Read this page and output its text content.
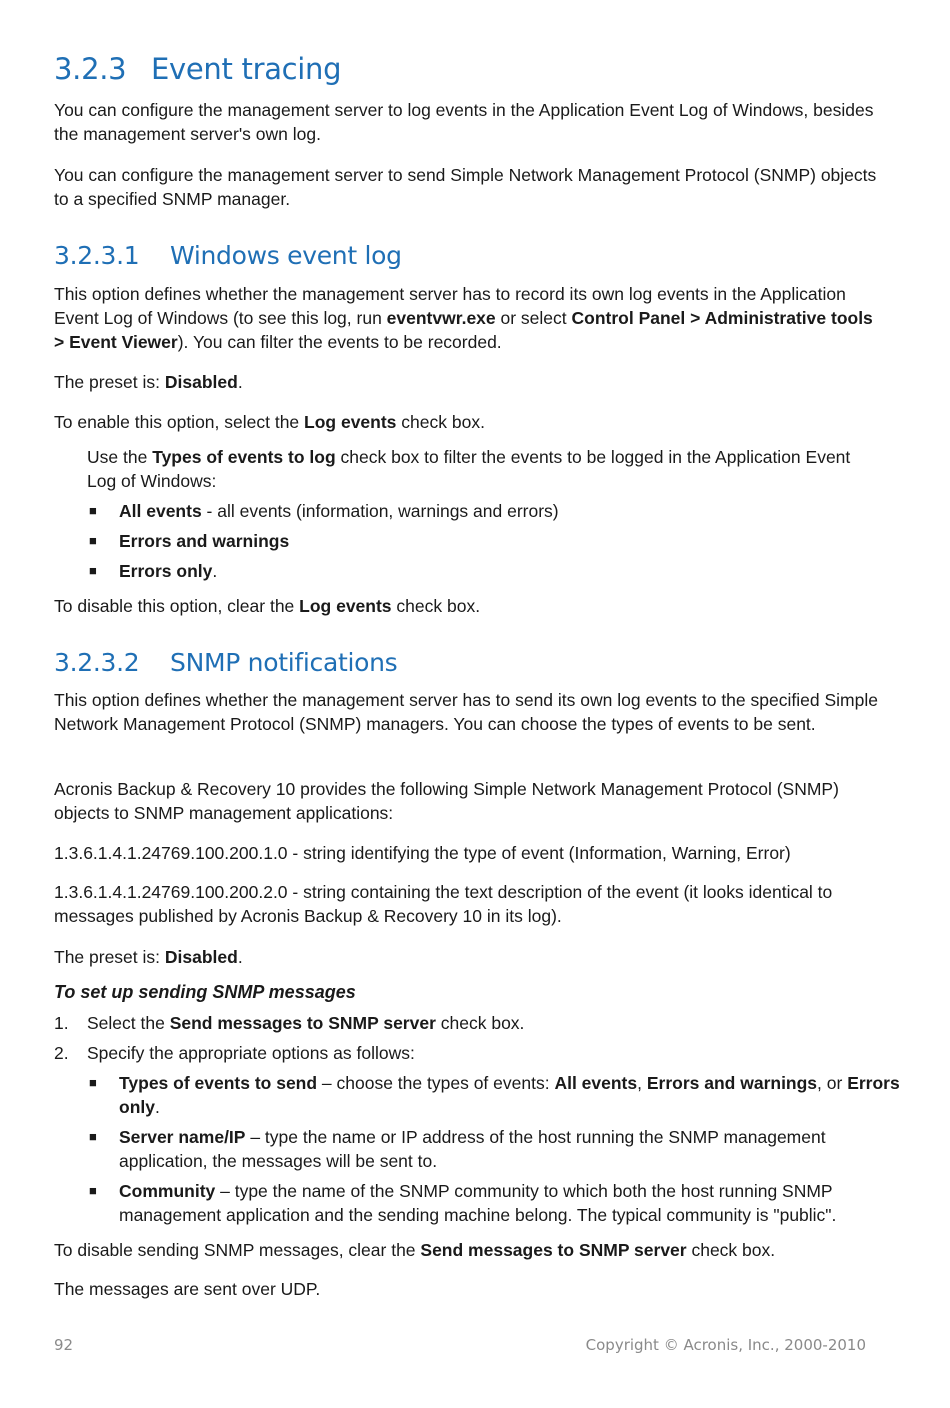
3.2.3 Event tracing

You can configure the management server to log events in the Application Event Log of Windows, besides the management server's own log.

You can configure the management server to send Simple Network Management Protocol (SNMP) objects to a specified SNMP manager.

3.2.3.1 Windows event log

This option defines whether the management server has to record its own log events in the Application Event Log of Windows (to see this log, run eventvwr.exe or select Control Panel > Administrative tools > Event Viewer). You can filter the events to be recorded.

The preset is: Disabled.

To enable this option, select the Log events check box.

Use the Types of events to log check box to filter the events to be logged in the Application Event Log of Windows:

■ All events - all events (information, warnings and errors)
■ Errors and warnings
■ Errors only.

To disable this option, clear the Log events check box.

3.2.3.2 SNMP notifications

This option defines whether the management server has to send its own log events to the specified Simple Network Management Protocol (SNMP) managers. You can choose the types of events to be sent.

Acronis Backup & Recovery 10 provides the following Simple Network Management Protocol (SNMP) objects to SNMP management applications:

1.3.6.1.4.1.24769.100.200.1.0 - string identifying the type of event (Information, Warning, Error)

1.3.6.1.4.1.24769.100.200.2.0 - string containing the text description of the event (it looks identical to messages published by Acronis Backup & Recovery 10 in its log).

The preset is: Disabled.

To set up sending SNMP messages

1. Select the Send messages to SNMP server check box.
2. Specify the appropriate options as follows:
■ Types of events to send – choose the types of events: All events, Errors and warnings, or Errors only.
■ Server name/IP – type the name or IP address of the host running the SNMP management application, the messages will be sent to.
■ Community – type the name of the SNMP community to which both the host running SNMP management application and the sending machine belong. The typical community is "public".

To disable sending SNMP messages, clear the Send messages to SNMP server check box.

The messages are sent over UDP.

92	Copyright © Acronis, Inc., 2000-2010
